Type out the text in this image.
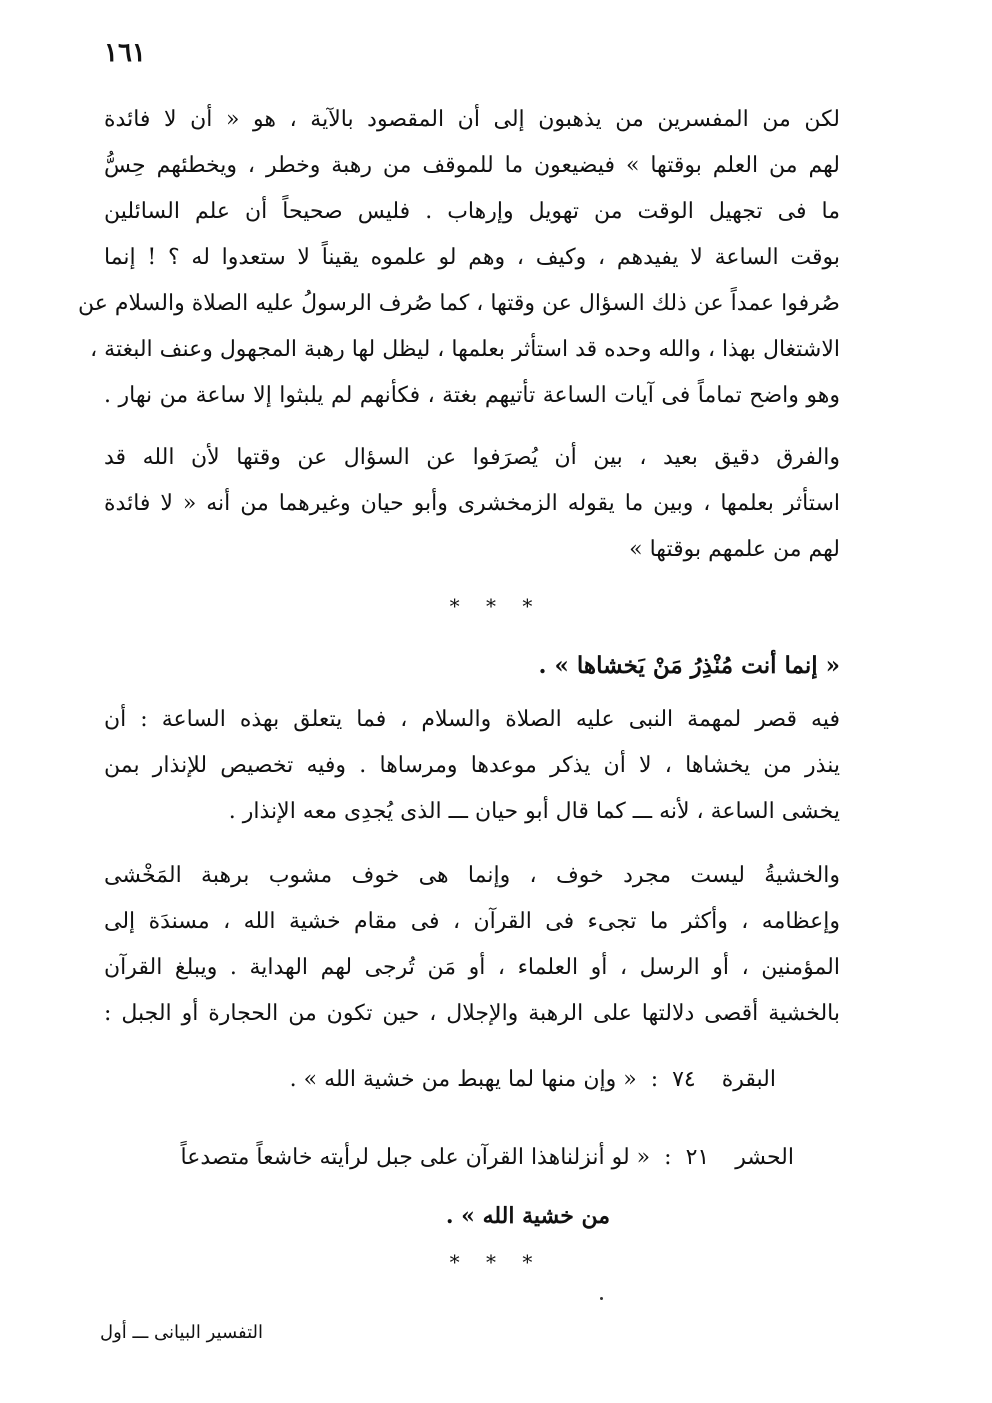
١٦١
لكن من المفسرين من يذهبون إلى أن المقصود بالآية ، هو « أن لا فائدة
لهم من العلم بوقتها » فيضيعون ما للموقف من رهبة وخطر ، ويخطئهم حِسُّ
ما فى تجهيل الوقت من تهويل وإرهاب . فليس صحيحاً أن علم السائلين
بوقت الساعة لا يفيدهم ، وكيف ، وهم لو علموه يقيناً لا ستعدوا له ؟ ! إنما
صُرفوا عمداً عن ذلك السؤال عن وقتها ، كما صُرف الرسولُ عليه الصلاة والسلام عن
الاشتغال بهذا ، والله وحده قد استأثر بعلمها ، ليظل لها رهبة المجهول وعنف البغتة ،
وهو واضح تماماً فى آيات الساعة تأتيهم بغتة ، فكأنهم لم يلبثوا إلا ساعة من نهار .
والفرق دقيق بعيد ، بين أن يُصرَفوا عن السؤال عن وقتها لأن الله قد
استأثر بعلمها ، وبين ما يقوله الزمخشرى وأبو حيان وغيرهما من أنه « لا فائدة
لهم من علمهم بوقتها »
* * *
« إنما أنت مُنْذِرُ مَنْ يَخشاها » .
فيه قصر لمهمة النبى عليه الصلاة والسلام ، فما يتعلق بهذه الساعة : أن
ينذر من يخشاها ، لا أن يذكر موعدها ومرساها . وفيه تخصيص للإنذار بمن
يخشى الساعة ، لأنه ـــ كما قال أبو حيان ـــ الذى يُجدِى معه الإنذار .
والخشيةُ ليست مجرد خوف ، وإنما هى خوف مشوب برهبة المَخْشى
وإعظامه ، وأكثر ما تجىء فى القرآن ، فى مقام خشية الله ، مسندَة إلى
المؤمنين ، أو الرسل ، أو العلماء ، أو مَن تُرجى لهم الهداية . ويبلغ القرآن
بالخشية أقصى دلالتها على الرهبة والإجلال ، حين تكون من الحجارة أو الجبل :
البقرة٧٤:« وإن منها لما يهبط من خشية الله » .
الحشر٢١:« لو أنزلناهذا القرآن على جبل لرأيته خاشعاً متصدعاً
من خشية الله » .
* * *
التفسير البيانى ـــ أول
